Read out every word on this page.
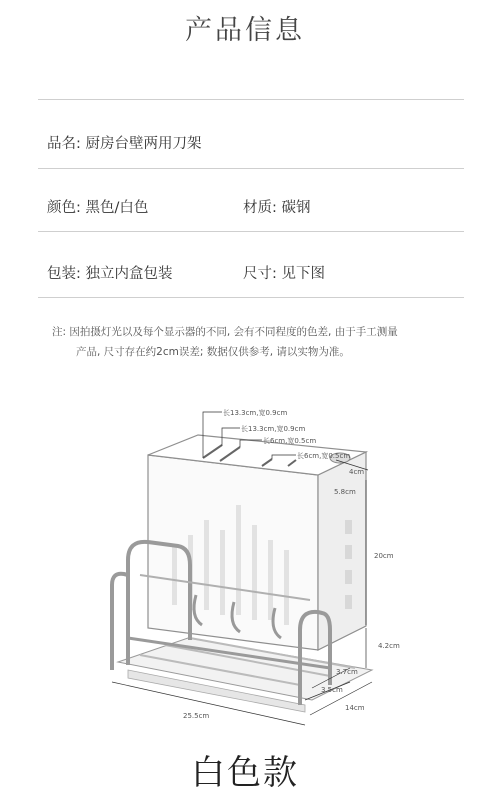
产品信息
品名: 厨房台壁两用刀架
颜色: 黑色/白色	材质: 碳钢
包装: 独立内盒包装	尺寸: 见下图
注: 因拍摄灯光以及每个显示器的不同, 会有不同程度的色差, 由于手工测量
产品, 尺寸存在约2cm误差; 数据仅供参考, 请以实物为准。
长13.3cm,宽0.9cm
长13.3cm,宽0.9cm
长6cm,宽0.5cm
长6cm,宽0.5cm
4cm
5.8cm
20cm
4.2cm
3.7cm
3.5cm
14cm
25.5cm
白色款
